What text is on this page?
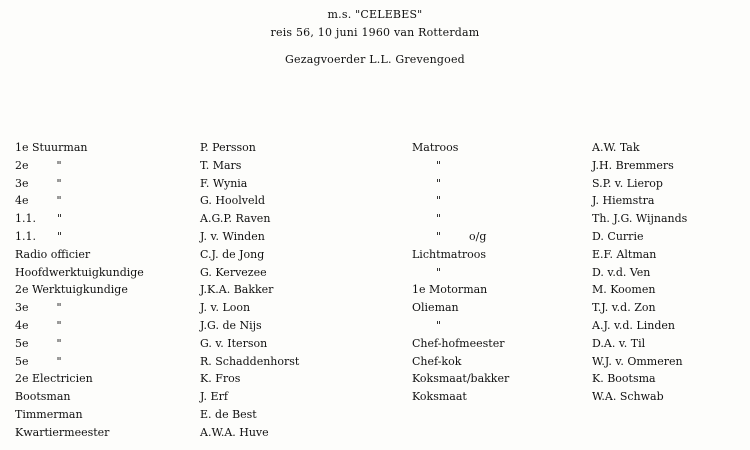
m.s. "CELEBES"
reis 56, 10 juni 1960 van Rotterdam
Gezagvoerder L.L. Grevengoed
1e Stuurman
2e        "
3e        "
4e        "
1.1.      "
1.1.      "
Radio officier
Hoofdwerktuigkundige
2e Werktuigkundige
3e        "
4e        "
5e        "
5e        "
2e Electricien
Bootsman
Timmerman
Kwartiermeester
P. Persson
T. Mars
F. Wynia
G. Hoolveld
A.G.P. Raven
J. v. Winden
C.J. de Jong
G. Kervezee
J.K.A. Bakker
J. v. Loon
J.G. de Nijs
G. v. Iterson
R. Schaddenhorst
K. Fros
J. Erf
E. de Best
A.W.A. Huve
Matroos
"
"
"
"
"        o/g
Lichtmatroos
"
1e Motorman
Olieman
"
Chef-hofmeester
Chef-kok
Koksmaat/bakker
Koksmaat
A.W. Tak
J.H. Bremmers
S.P. v. Lierop
J. Hiemstra
Th. J.G. Wijnands
D. Currie
E.F. Altman
D. v.d. Ven
M. Koomen
T.J. v.d. Zon
A.J. v.d. Linden
D.A. v. Til
W.J. v. Ommeren
K. Bootsma
W.A. Schwab
